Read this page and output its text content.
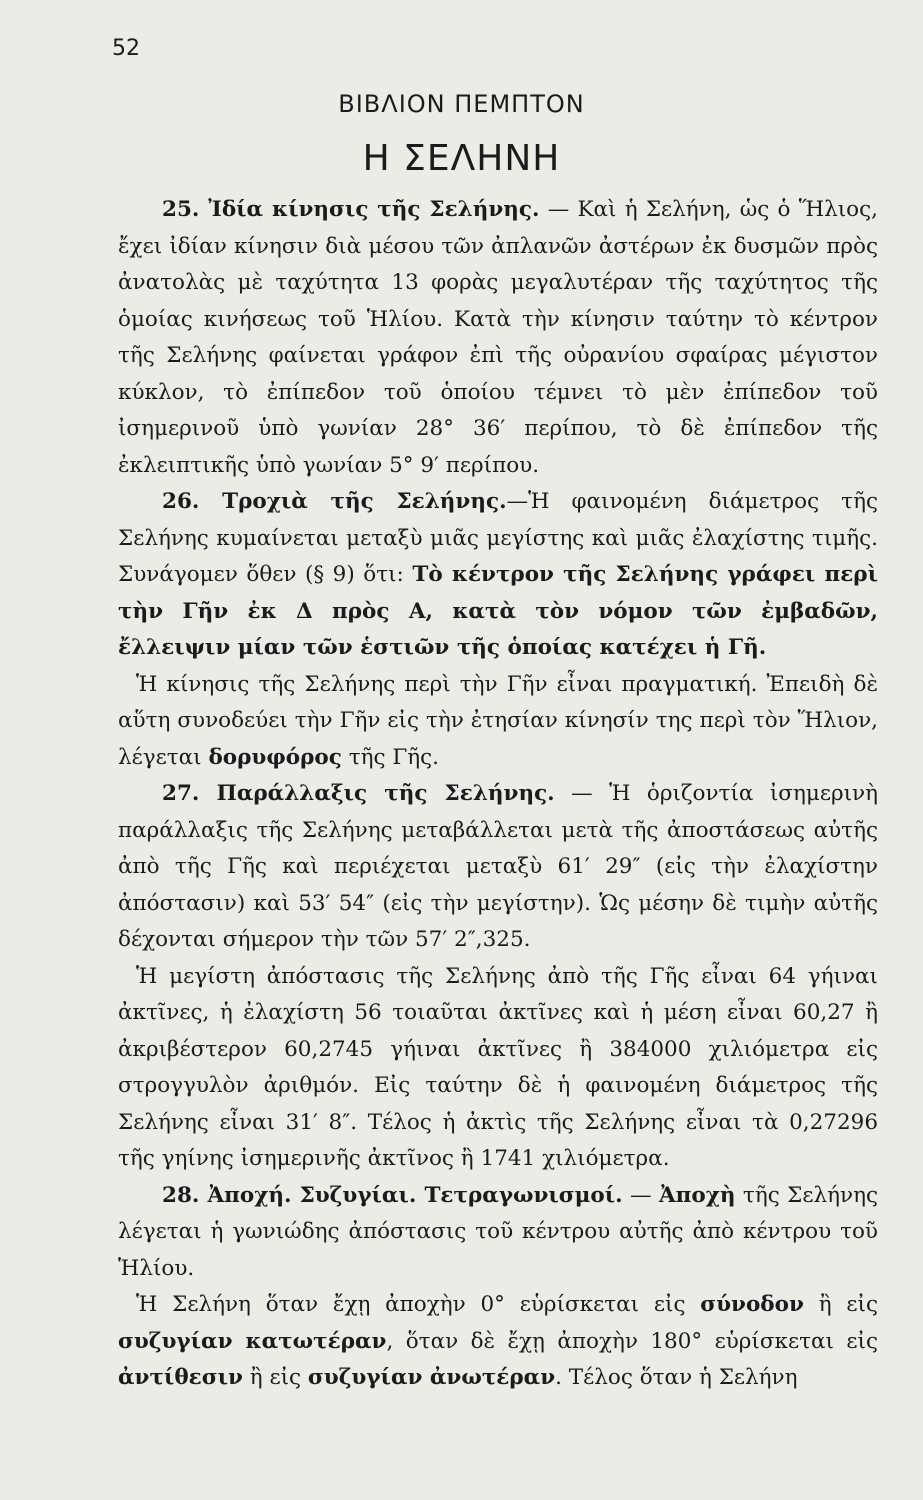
52
ΒΙΒΛΙΟΝ ΠΕΜΠΤΟΝ
Η ΣΕΛΗΝΗ

25. Ἰδία κίνησις τῆς Σελήνης. — Καὶ ἡ Σελήνη, ὡς ὁ Ἥλιος, ἔχει ἰδίαν κίνησιν διὰ μέσου τῶν ἀπλανῶν ἀστέρων ἐκ δυσμῶν πρὸς ἀνατολὰς μὲ ταχύτητα 13 φορὰς μεγαλυτέραν τῆς ταχύτητος τῆς ὁμοίας κινήσεως τοῦ Ἡλίου. Κατὰ τὴν κίνησιν ταύτην τὸ κέντρον τῆς Σελήνης φαίνεται γράφον ἐπὶ τῆς οὐρανίου σφαίρας μέγιστον κύκλον, τὸ ἐπίπεδον τοῦ ὁποίου τέμνει τὸ μὲν ἐπίπεδον τοῦ ἰσημερινοῦ ὑπὸ γωνίαν 28° 36′ περίπου, τὸ δὲ ἐπίπεδον τῆς ἐκλειπτικῆς ὑπὸ γωνίαν 5° 9′ περίπου.

26. Τροχιὰ τῆς Σελήνης.—Ἡ φαινομένη διάμετρος τῆς Σελήνης κυμαίνεται μεταξὺ μιᾶς μεγίστης καὶ μιᾶς ἐλαχίστης τιμῆς. Συνάγομεν ὅθεν (§ 9) ὅτι: Τὸ κέντρον τῆς Σελήνης γράφει περὶ τὴν Γῆν ἐκ Δ πρὸς Α, κατὰ τὸν νόμον τῶν ἐμβαδῶν, ἔλλειψιν μίαν τῶν ἑστιῶν τῆς ὁποίας κατέχει ἡ Γῆ.

Ἡ κίνησις τῆς Σελήνης περὶ τὴν Γῆν εἶναι πραγματική. Ἐπειδὴ δὲ αὕτη συνοδεύει τὴν Γῆν εἰς τὴν ἐτησίαν κίνησίν της περὶ τὸν Ἥλιον, λέγεται δορυφόρος τῆς Γῆς.

27. Παράλλαξις τῆς Σελήνης. — Ἡ ὁριζοντία ἰσημερινὴ παράλλαξις τῆς Σελήνης μεταβάλλεται μετὰ τῆς ἀποστάσεως αὐτῆς ἀπὸ τῆς Γῆς καὶ περιέχεται μεταξὺ 61′ 29″ (εἰς τὴν ἐλαχίστην ἀπόστασιν) καὶ 53′ 54″ (εἰς τὴν μεγίστην). Ὡς μέσην δὲ τιμὴν αὐτῆς δέχονται σήμερον τὴν τῶν 57′ 2″,325.

Ἡ μεγίστη ἀπόστασις τῆς Σελήνης ἀπὸ τῆς Γῆς εἶναι 64 γήιναι ἀκτῖνες, ἡ ἐλαχίστη 56 τοιαῦται ἀκτῖνες καὶ ἡ μέση εἶναι 60,27 ἢ ἀκριβέστερον 60,2745 γήιναι ἀκτῖνες ἢ 384000 χιλιόμετρα εἰς στρογγυλὸν ἀριθμόν. Εἰς ταύτην δὲ ἡ φαινομένη διάμετρος τῆς Σελήνης εἶναι 31′ 8″. Τέλος ἡ ἀκτὶς τῆς Σελήνης εἶναι τὰ 0,27296 τῆς γηίνης ἰσημερινῆς ἀκτῖνος ἢ 1741 χιλιόμετρα.

28. Ἀποχή. Συζυγίαι. Τετραγωνισμοί. — Ἀποχὴ τῆς Σελήνης λέγεται ἡ γωνιώδης ἀπόστασις τοῦ κέντρου αὐτῆς ἀπὸ κέντρου τοῦ Ἡλίου.

Ἡ Σελήνη ὅταν ἔχῃ ἀποχὴν 0° εὑρίσκεται εἰς σύνοδον ἢ εἰς συζυγίαν κατωτέραν, ὅταν δὲ ἔχῃ ἀποχὴν 180° εὑρίσκεται εἰς ἀντίθεσιν ἢ εἰς συζυγίαν ἀνωτέραν. Τέλος ὅταν ἡ Σελήνη
